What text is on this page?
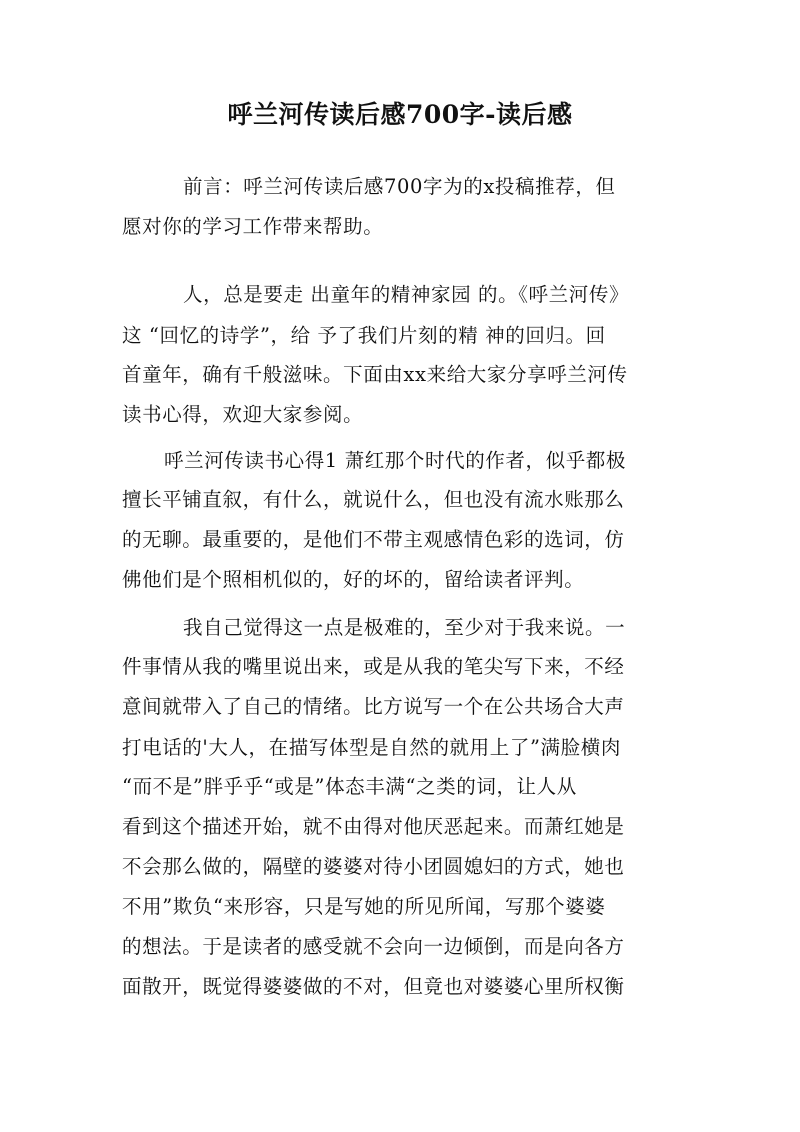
呼兰河传读后感700字-读后感
前言：呼兰河传读后感700字为的x投稿推荐，但
愿对你的学习工作带来帮助。
人，总是要走 出童年的精神家园 的。《呼兰河传》
这 “回忆的诗学”，给 予了我们片刻的精 神的回归。回
首童年，确有千般滋味。下面由xx来给大家分享呼兰河传
读书心得，欢迎大家参阅。
呼兰河传读书心得1 萧红那个时代的作者，似乎都极
擅长平铺直叙，有什么，就说什么，但也没有流水账那么
的无聊。最重要的，是他们不带主观感情色彩的选词，仿
佛他们是个照相机似的，好的坏的，留给读者评判。
我自己觉得这一点是极难的，至少对于我来说。一
件事情从我的嘴里说出来，或是从我的笔尖写下来，不经
意间就带入了自己的情绪。比方说写一个在公共场合大声
打电话的'大人，在描写体型是自然的就用上了”满脸横肉
“而不是”胖乎乎“或是”体态丰满“之类的词，让人从
看到这个描述开始，就不由得对他厌恶起来。而萧红她是
不会那么做的，隔壁的婆婆对待小团圆媳妇的方式，她也
不用”欺负“来形容，只是写她的所见所闻，写那个婆婆
的想法。于是读者的感受就不会向一边倾倒，而是向各方
面散开，既觉得婆婆做的不对，但竟也对婆婆心里所权衡
